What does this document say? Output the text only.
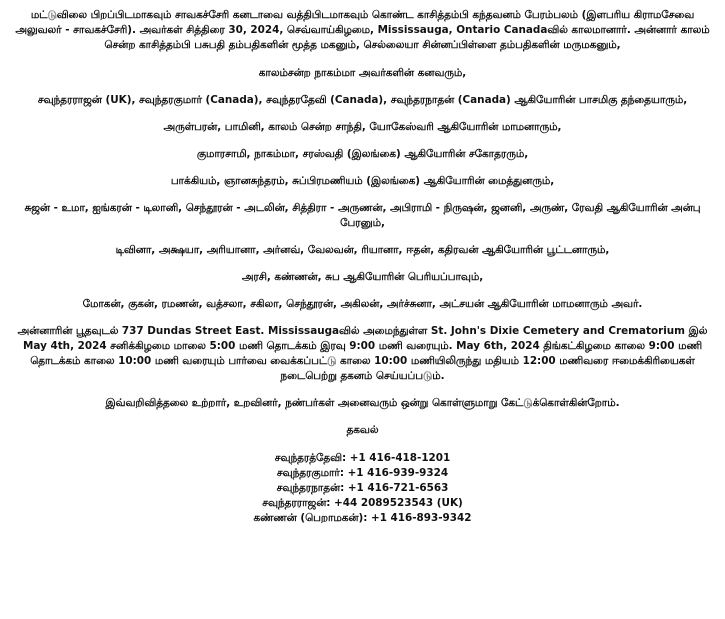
மட்டுவிலை பிறப்பிடமாகவும் சாவகச்சேரி கனடாவை வத்திபிடமாகவும் கொண்ட காசித்தம்பி கந்தவனம் பேரம்பலம் (இளபரிய கிராமசேவை அலுவலர் - சாவகச்சேரி). அவர்கள் சித்திரை 30, 2024, செவ்வாய்கிழமை, Mississauga, Ontario Canadaவில் காலமானார். அன்னார் காலம் சென்ற காசித்தம்பி பசுபதி தம்பதிகளின் மூத்த மகனும், செல்லையா சின்னப்பிள்ளை தம்பதிகளின் மருமகனும்,

காலம்சன்ற நாகம்மா அவர்களின் கனவரும்,

சவுந்தரராஜன் (UK), சவுந்தரகுமார் (Canada), சவுந்தரதேவி (Canada), சவுந்தரநாதன் (Canada) ஆகியோரின் பாசமிகு தந்தையாரும்,

அருள்பரன், பாமினி, காலம் சென்ற சாந்தி, யோகேஸ்வரி ஆகியோரின் மாமனாரும்,

குமாரசாமி, நாகம்மா, சரஸ்வதி (இலங்கை) ஆகியோரின் சகோதரரும்,

பாக்கியம், ஞானசுந்தரம், சுப்பிரமணியம் (இலங்கை) ஆகியோரின் மைத்துனரும்,

சுஜன் - உமா, ஐங்கரன் - டிலானி, செந்தூரன் - அடலின், சித்திரா - அருணன், அபிராமி - நிருஷன், ஜனனி, அருண், ரேவதி ஆகியோரின் அன்பு பேரனும்,

டிவினா, அக்ஷயா, அரியானா, அர்னவ், வேலவன், ரியானா, ஈதன், கதிரவன் ஆகியோரின் பூட்டனாரும்,

அரசி, கண்ணன், சுப ஆகியோரின் பெரியப்பாவும்,

மோகன், குகன், ரமணன், வத்சலா, சகிலா, செந்தூரன், அகிலன், அர்ச்சுனா, அட்சயன் ஆகியோரின் மாமனாரும் அவர்.

அன்னாரின் பூதவுடல் 737 Dundas Street East. Mississaugaவில் அமைந்துள்ள St. John's Dixie Cemetery and Crematorium இல் May 4th, 2024 சனிக்கிழமை மாலை 5:00 மணி தொடக்கம் இரவு 9:00 மணி வரையும். May 6th, 2024 திங்கட்கிழமை காலை 9:00 மணி தொடக்கம் காலை 10:00 மணி வரையும் பார்வை வைக்கப்பட்டு காலை 10:00 மணியிலிருந்து மதியம் 12:00 மணிவரை ஈமைக்கிரியைகள் நடைபெற்று தகனம் செய்யப்படும்.

இவ்வறிவித்தலை உற்றார், உறவினர், நண்பர்கள் அனைவரும் ஒன்று கொள்ளுமாறு கேட்டுக்கொள்கின்றோம்.

தகவல்

சவுந்தரத்தேவி: +1 416-418-1201
சவுந்தரகுமார்: +1 416-939-9324
சவுந்தரநாதன்: +1 416-721-6563
சவுந்தரராஜன்: +44 2089523543 (UK)
கண்ணன் (பெறாமகன்): +1 416-893-9342
